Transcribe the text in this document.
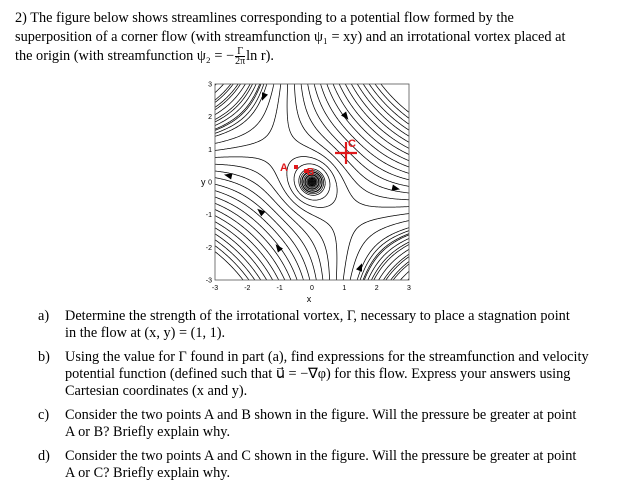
2) The figure below shows streamlines corresponding to a potential flow formed by the
superposition of a corner flow (with streamfunction ψ₁ = xy) and an irrotational vortex placed at
the origin (with streamfunction ψ₂ = − $\frac{\Gamma}{2\pi}$ ln r).
-3	-2	-1	0	1	2	3
3
2
1
0
-1
-2
-3
y
x
A B
C
a) Determine the strength of the irrotational vortex, Γ, necessary to place a stagnation point
in the flow at (x, y) = (1, 1).
b) Using the value for Γ found in part (a), find expressions for the streamfunction and velocity
potential function (defined such that u⃗ = −∇φ) for this flow. Express your answers using
Cartesian coordinates (x and y).
c) Consider the two points A and B shown in the figure. Will the pressure be greater at point
A or B? Briefly explain why.
d) Consider the two points A and C shown in the figure. Will the pressure be greater at point
A or C? Briefly explain why.
